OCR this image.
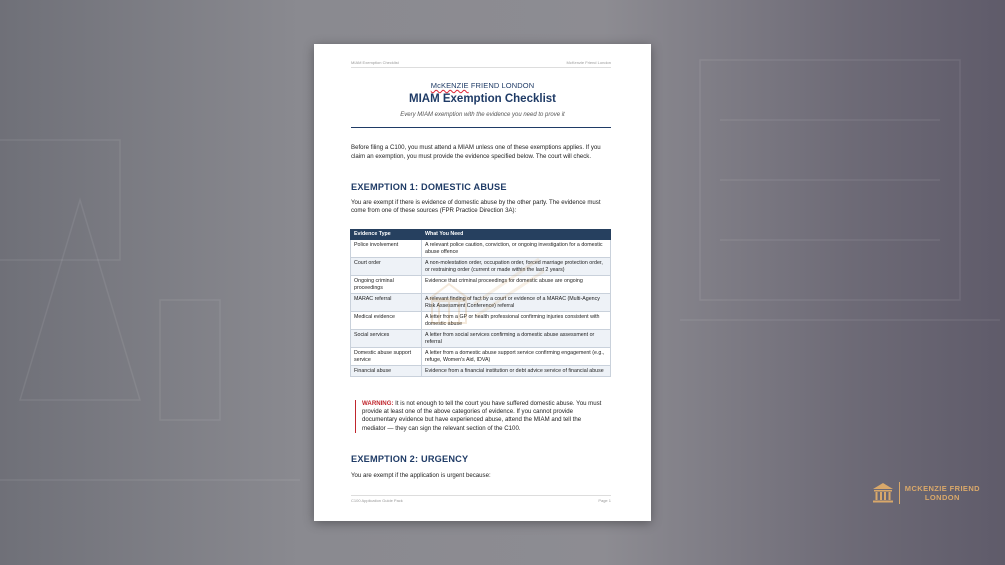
MIAM Exemption Checklist	McKenzie Friend London
McKENZIE FRIEND LONDON
MIAM Exemption Checklist
Every MIAM exemption with the evidence you need to prove it
Before filing a C100, you must attend a MIAM unless one of these exemptions applies. If you claim an exemption, you must provide the evidence specified below. The court will check.
EXEMPTION 1: DOMESTIC ABUSE
You are exempt if there is evidence of domestic abuse by the other party. The evidence must come from one of these sources (FPR Practice Direction 3A):
Evidence Type	What You Need
Police involvement	A relevant police caution, conviction, or ongoing investigation for a domestic abuse offence
Court order	A non-molestation order, occupation order, forced marriage protection order, or restraining order (current or made within the last 2 years)
Ongoing criminal proceedings	Evidence that criminal proceedings for domestic abuse are ongoing
MARAC referral	A relevant finding of fact by a court or evidence of a MARAC (Multi-Agency Risk Assessment Conference) referral
Medical evidence	A letter from a GP or health professional confirming injuries consistent with domestic abuse
Social services	A letter from social services confirming a domestic abuse assessment or referral
Domestic abuse support service	A letter from a domestic abuse support service confirming engagement (e.g., refuge, Women's Aid, IDVA)
Financial abuse	Evidence from a financial institution or debt advice service of financial abuse
WARNING: It is not enough to tell the court you have suffered domestic abuse. You must provide at least one of the above categories of evidence. If you cannot provide documentary evidence but have experienced abuse, attend the MIAM and tell the mediator — they can sign the relevant section of the C100.
EXEMPTION 2: URGENCY
You are exempt if the application is urgent because:
C100 Application Guide Pack	Page 1
MCKENZIE FRIEND
LONDON
